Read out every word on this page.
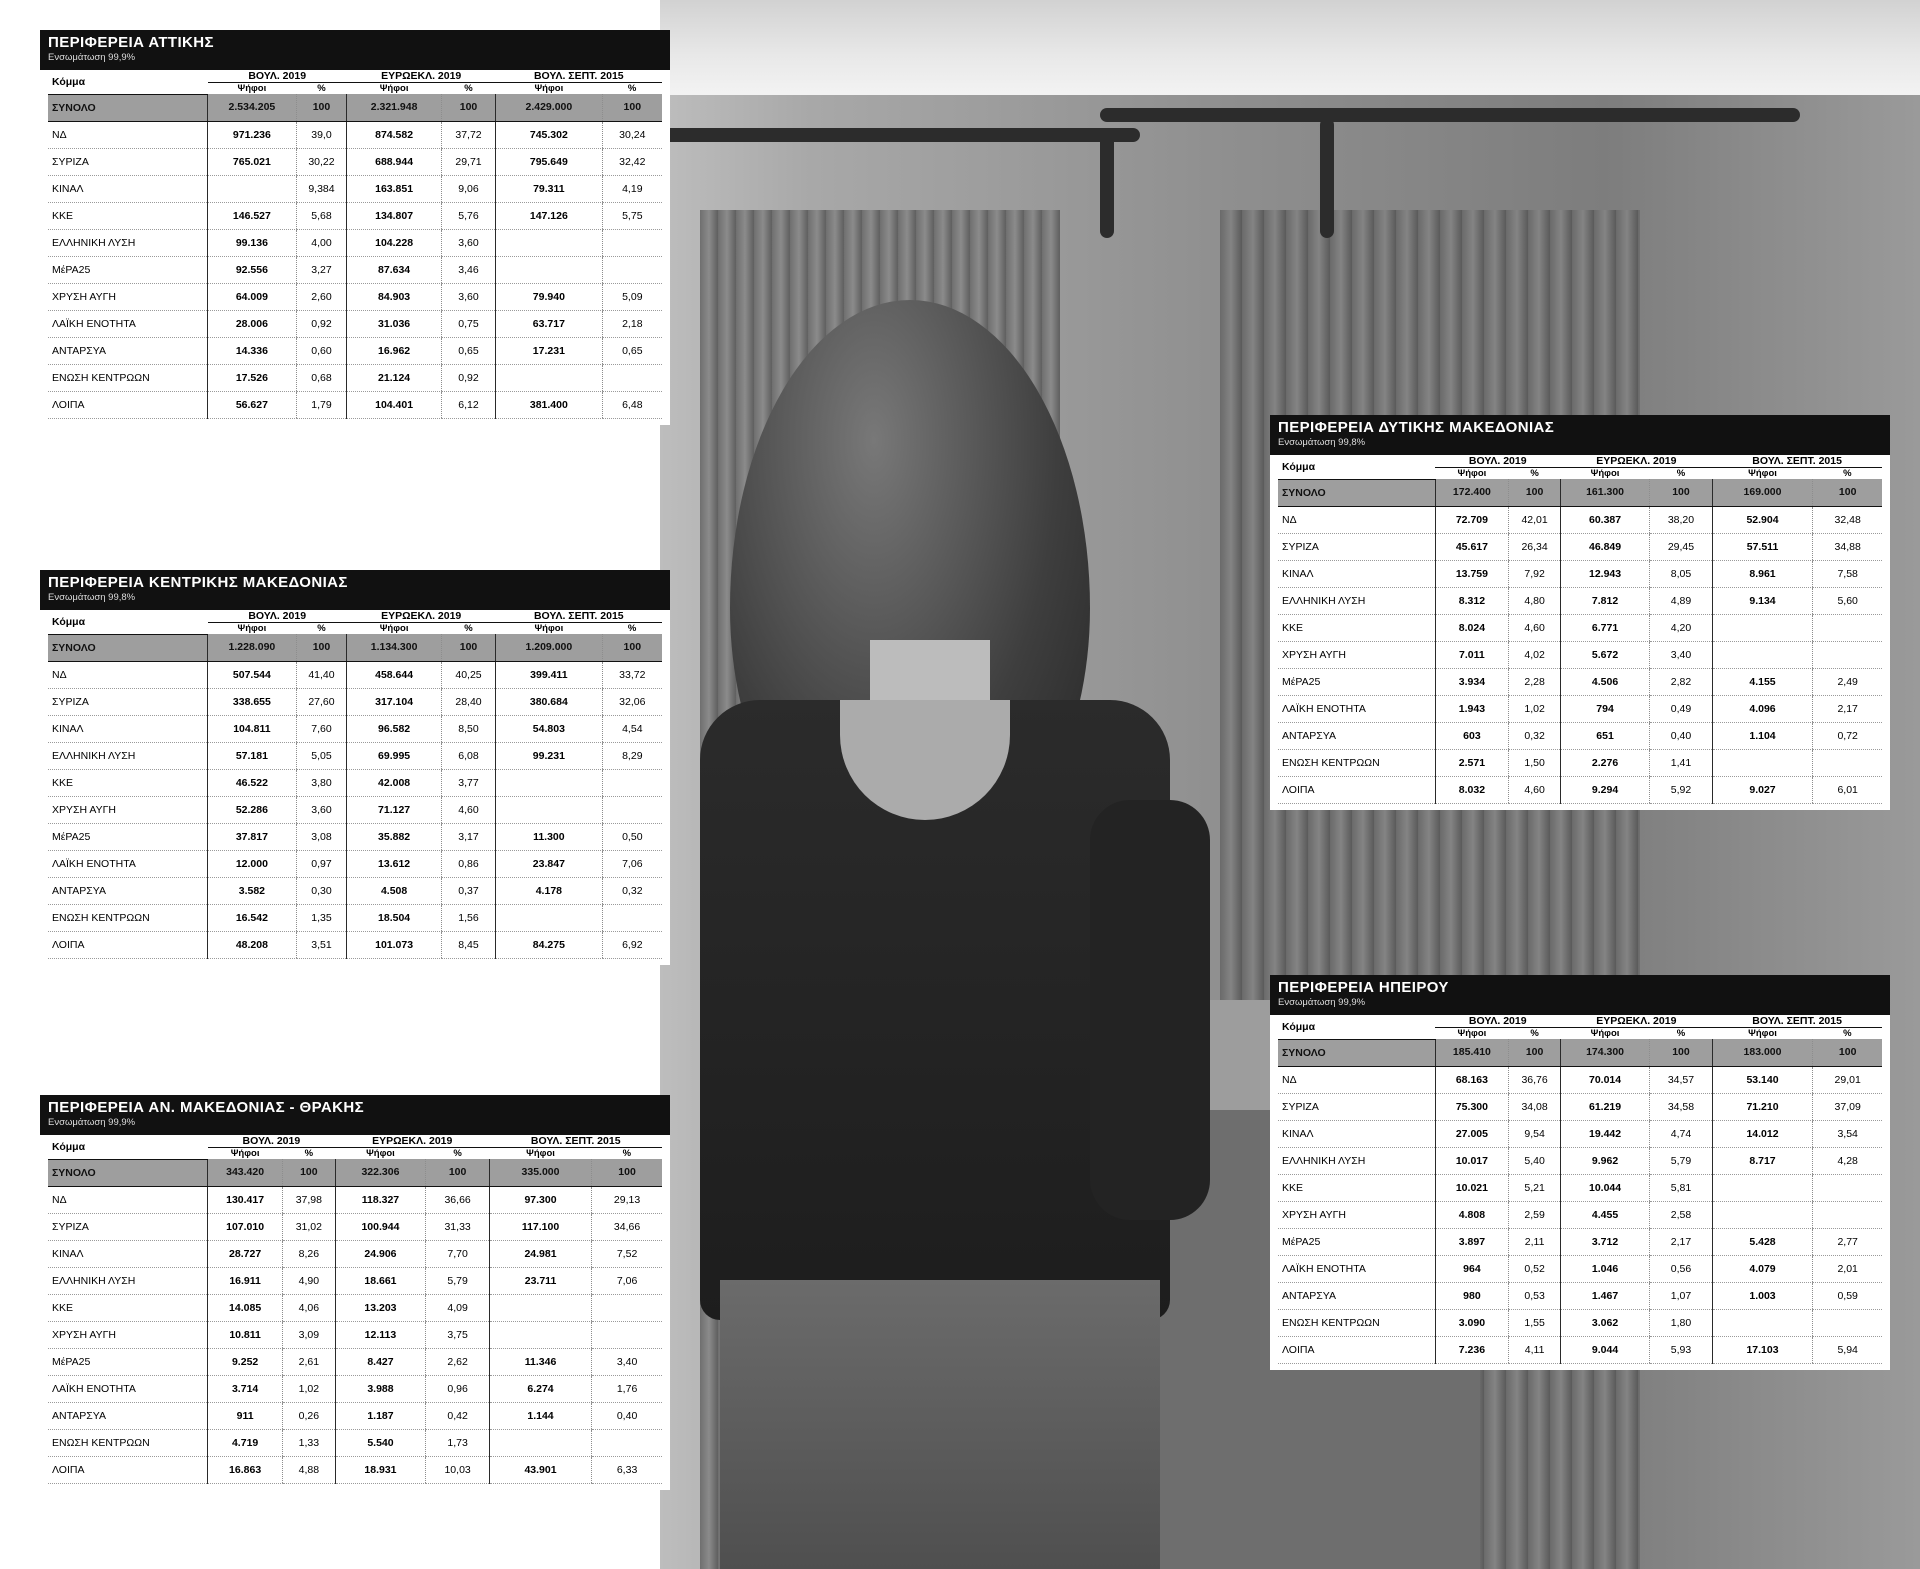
ΠΕΡΙΦΕΡΕΙΑ ΑΤΤΙΚΗΣ
Ενσωμάτωση 99,9%
Κόμμα	ΒΟΥΛ. 2019		ΕΥΡΩΕΚΛ. 2019		ΒΟΥΛ. ΣΕΠΤ. 2015	
	Ψήφοι	%	Ψήφοι	%	Ψήφοι	%
ΣΥΝΟΛΟ	2.534.205	100	2.321.948	100	2.429.000	100
ΝΔ	971.236	39,0	874.582	37,72	745.302	30,24
ΣΥΡΙΖΑ	765.021	30,22	688.944	29,71	795.649	32,42
ΚΙΝΑΛ		9,384	163.851	9,06	79.311	4,19
ΚΚΕ	146.527	5,68	134.807	5,76	147.126	5,75
ΕΛΛΗΝΙΚΗ ΛΥΣΗ	99.136	4,00	104.228	3,60		
ΜέΡΑ25	92.556	3,27	87.634	3,46		
ΧΡΥΣΗ ΑΥΓΗ	64.009	2,60	84.903	3,60	79.940	5,09
ΛΑΪΚΗ ΕΝΟΤΗΤΑ	28.006	0,92	31.036	0,75	63.717	2,18
ΑΝΤΑΡΣΥΑ	14.336	0,60	16.962	0,65	17.231	0,65
ΕΝΩΣΗ ΚΕΝΤΡΩΩΝ	17.526	0,68	21.124	0,92		
ΛΟΙΠΑ	56.627	1,79	104.401	6,12	381.400	6,48
ΠΕΡΙΦΕΡΕΙΑ ΚΕΝΤΡΙΚΗΣ ΜΑΚΕΔΟΝΙΑΣ
Ενσωμάτωση 99,8%
Κόμμα	ΒΟΥΛ. 2019		ΕΥΡΩΕΚΛ. 2019		ΒΟΥΛ. ΣΕΠΤ. 2015	
	Ψήφοι	%	Ψήφοι	%	Ψήφοι	%
ΣΥΝΟΛΟ	1.228.090	100	1.134.300	100	1.209.000	100
ΝΔ	507.544	41,40	458.644	40,25	399.411	33,72
ΣΥΡΙΖΑ	338.655	27,60	317.104	28,40	380.684	32,06
ΚΙΝΑΛ	104.811	7,60	96.582	8,50	54.803	4,54
ΕΛΛΗΝΙΚΗ ΛΥΣΗ	57.181	5,05	69.995	6,08	99.231	8,29
ΚΚΕ	46.522	3,80	42.008	3,77		
ΧΡΥΣΗ ΑΥΓΗ	52.286	3,60	71.127	4,60		
ΜέΡΑ25	37.817	3,08	35.882	3,17	11.300	0,50
ΛΑΪΚΗ ΕΝΟΤΗΤΑ	12.000	0,97	13.612	0,86	23.847	7,06
ΑΝΤΑΡΣΥΑ	3.582	0,30	4.508	0,37	4.178	0,32
ΕΝΩΣΗ ΚΕΝΤΡΩΩΝ	16.542	1,35	18.504	1,56		
ΛΟΙΠΑ	48.208	3,51	101.073	8,45	84.275	6,92
ΠΕΡΙΦΕΡΕΙΑ ΑΝ. ΜΑΚΕΔΟΝΙΑΣ - ΘΡΑΚΗΣ
Ενσωμάτωση 99,9%
Κόμμα	ΒΟΥΛ. 2019		ΕΥΡΩΕΚΛ. 2019		ΒΟΥΛ. ΣΕΠΤ. 2015	
	Ψήφοι	%	Ψήφοι	%	Ψήφοι	%
ΣΥΝΟΛΟ	343.420	100	322.306	100	335.000	100
ΝΔ	130.417	37,98	118.327	36,66	97.300	29,13
ΣΥΡΙΖΑ	107.010	31,02	100.944	31,33	117.100	34,66
ΚΙΝΑΛ	28.727	8,26	24.906	7,70	24.981	7,52
ΕΛΛΗΝΙΚΗ ΛΥΣΗ	16.911	4,90	18.661	5,79	23.711	7,06
ΚΚΕ	14.085	4,06	13.203	4,09		
ΧΡΥΣΗ ΑΥΓΗ	10.811	3,09	12.113	3,75		
ΜέΡΑ25	9.252	2,61	8.427	2,62	11.346	3,40
ΛΑΪΚΗ ΕΝΟΤΗΤΑ	3.714	1,02	3.988	0,96	6.274	1,76
ΑΝΤΑΡΣΥΑ	911	0,26	1.187	0,42	1.144	0,40
ΕΝΩΣΗ ΚΕΝΤΡΩΩΝ	4.719	1,33	5.540	1,73		
ΛΟΙΠΑ	16.863	4,88	18.931	10,03	43.901	6,33
ΠΕΡΙΦΕΡΕΙΑ ΔΥΤΙΚΗΣ ΜΑΚΕΔΟΝΙΑΣ
Ενσωμάτωση 99,8%
Κόμμα	ΒΟΥΛ. 2019		ΕΥΡΩΕΚΛ. 2019		ΒΟΥΛ. ΣΕΠΤ. 2015	
	Ψήφοι	%	Ψήφοι	%	Ψήφοι	%
ΣΥΝΟΛΟ	172.400	100	161.300	100	169.000	100
ΝΔ	72.709	42,01	60.387	38,20	52.904	32,48
ΣΥΡΙΖΑ	45.617	26,34	46.849	29,45	57.511	34,88
ΚΙΝΑΛ	13.759	7,92	12.943	8,05	8.961	7,58
ΕΛΛΗΝΙΚΗ ΛΥΣΗ	8.312	4,80	7.812	4,89	9.134	5,60
ΚΚΕ	8.024	4,60	6.771	4,20		
ΧΡΥΣΗ ΑΥΓΗ	7.011	4,02	5.672	3,40		
ΜέΡΑ25	3.934	2,28	4.506	2,82	4.155	2,49
ΛΑΪΚΗ ΕΝΟΤΗΤΑ	1.943	1,02	794	0,49	4.096	2,17
ΑΝΤΑΡΣΥΑ	603	0,32	651	0,40	1.104	0,72
ΕΝΩΣΗ ΚΕΝΤΡΩΩΝ	2.571	1,50	2.276	1,41		
ΛΟΙΠΑ	8.032	4,60	9.294	5,92	9.027	6,01
ΠΕΡΙΦΕΡΕΙΑ ΗΠΕΙΡΟΥ
Ενσωμάτωση 99,9%
Κόμμα	ΒΟΥΛ. 2019		ΕΥΡΩΕΚΛ. 2019		ΒΟΥΛ. ΣΕΠΤ. 2015	
	Ψήφοι	%	Ψήφοι	%	Ψήφοι	%
ΣΥΝΟΛΟ	185.410	100	174.300	100	183.000	100
ΝΔ	68.163	36,76	70.014	34,57	53.140	29,01
ΣΥΡΙΖΑ	75.300	34,08	61.219	34,58	71.210	37,09
ΚΙΝΑΛ	27.005	9,54	19.442	4,74	14.012	3,54
ΕΛΛΗΝΙΚΗ ΛΥΣΗ	10.017	5,40	9.962	5,79	8.717	4,28
ΚΚΕ	10.021	5,21	10.044	5,81		
ΧΡΥΣΗ ΑΥΓΗ	4.808	2,59	4.455	2,58		
ΜέΡΑ25	3.897	2,11	3.712	2,17	5.428	2,77
ΛΑΪΚΗ ΕΝΟΤΗΤΑ	964	0,52	1.046	0,56	4.079	2,01
ΑΝΤΑΡΣΥΑ	980	0,53	1.467	1,07	1.003	0,59
ΕΝΩΣΗ ΚΕΝΤΡΩΩΝ	3.090	1,55	3.062	1,80		
ΛΟΙΠΑ	7.236	4,11	9.044	5,93	17.103	5,94
